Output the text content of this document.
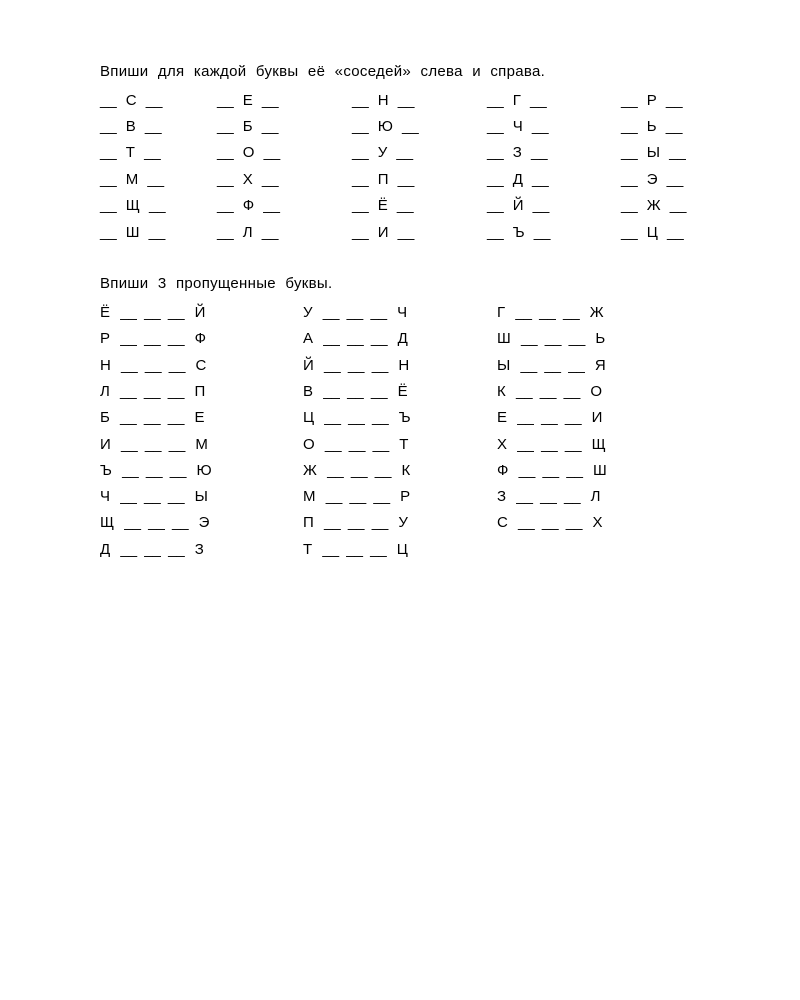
Впиши для каждой буквы её «соседей» слева и справа.
__ С __	__ Е __	__ Н __	__ Г __	__ Р __
__ В __	__ Б __	__ Ю __	__ Ч __	__ Ь __
__ Т __	__ О __	__ У __	__ З __	__ Ы __
__ М __	__ Х __	__ П __	__ Д __	__ Э __
__ Щ __	__ Ф __	__ Ё __	__ Й __	__ Ж __
__ Ш __	__ Л __	__ И __	__ Ъ __	__ Ц __
Впиши 3 пропущенные буквы.
Ё __ __ __ Й
Р __ __ __ Ф
Н __ __ __ С
Л __ __ __ П
Б __ __ __ Е
И __ __ __ М
Ъ __ __ __ Ю
Ч __ __ __ Ы
Щ __ __ __ Э
Д __ __ __ З
У __ __ __ Ч
А __ __ __ Д
Й __ __ __ Н
В __ __ __ Ё
Ц __ __ __ Ъ
О __ __ __ Т
Ж __ __ __ К
М __ __ __ Р
П __ __ __ У
Т __ __ __ Ц
Г __ __ __ Ж
Ш __ __ __ Ь
Ы __ __ __ Я
К __ __ __ О
Е __ __ __ И
Х __ __ __ Щ
Ф __ __ __ Ш
З __ __ __ Л
С __ __ __ Х
